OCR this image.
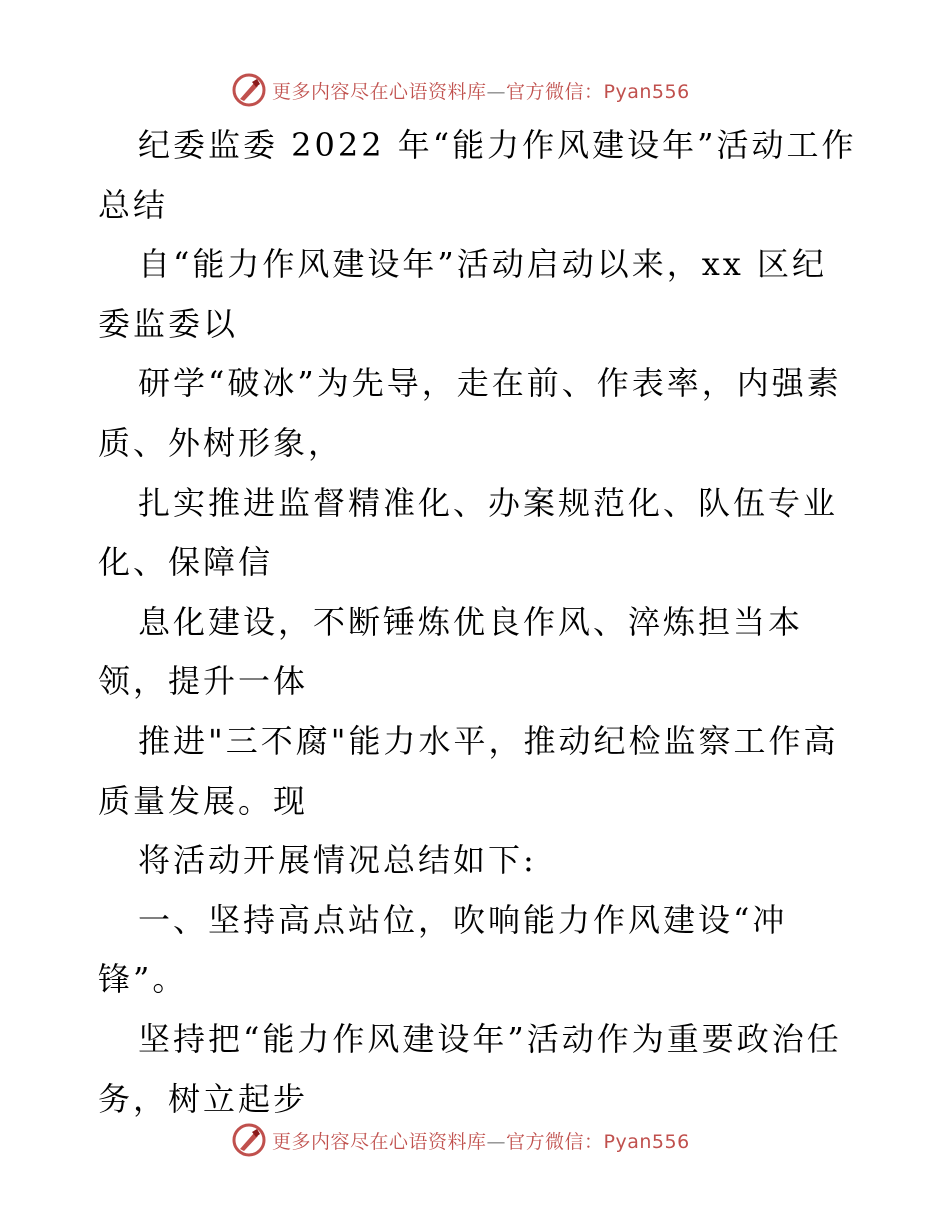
更多内容尽在心语资料库—官方微信：Pyan556

纪委监委 2022 年“能力作风建设年”活动工作总结

自“能力作风建设年”活动启动以来，xx 区纪委监委以

研学“破冰”为先导，走在前、作表率，内强素质、外树形象，

扎实推进监督精准化、办案规范化、队伍专业化、保障信

息化建设，不断锤炼优良作风、淬炼担当本领，提升一体

推进"三不腐"能力水平，推动纪检监察工作高质量发展。现

将活动开展情况总结如下:

一、坚持高点站位，吹响能力作风建设“冲锋”。

坚持把“能力作风建设年”活动作为重要政治任务，树立起步

更多内容尽在心语资料库—官方微信：Pyan556
